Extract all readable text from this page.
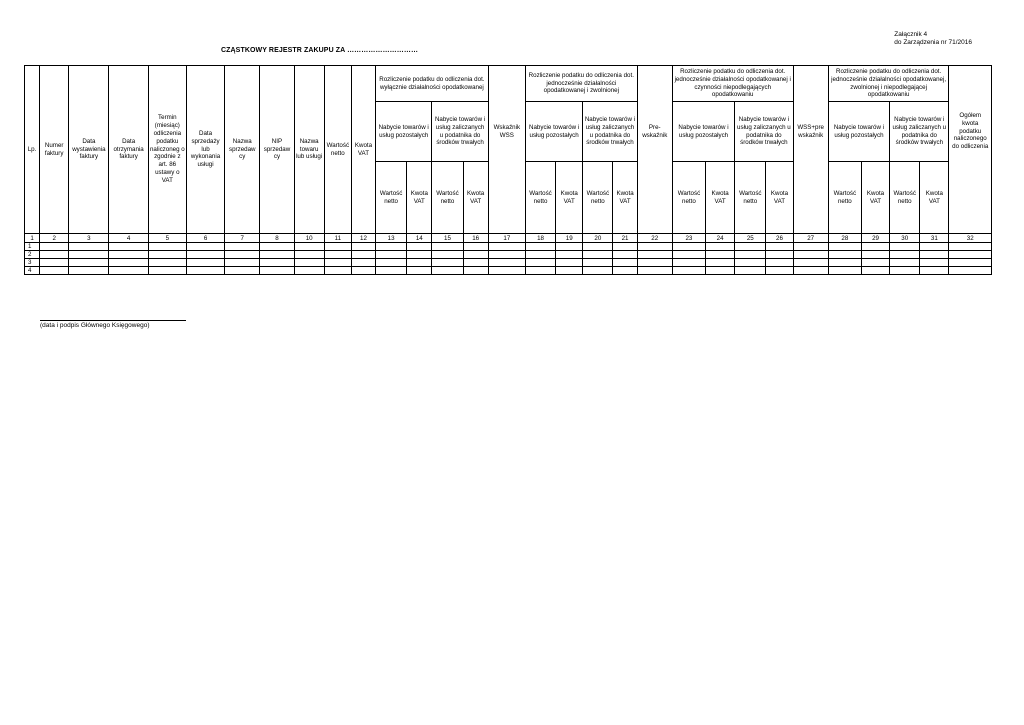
Załącznik 4
do Zarządzenia nr 71/2016
CZĄSTKOWY REJESTR ZAKUPU ZA …………………………
Lp.	Numer faktury	Data wystawienia faktury	Data otrzymania faktury	Termin (miesiąc) odliczenia podatku naliczoneg o zgodnie z art. 86 ustawy o VAT	Data sprzedaży lub wykonania usługi	Nazwa sprzedaw cy	NIP sprzedaw cy	Nazwa towaru lub usługi	Wartość netto	Kwota VAT	Rozliczenie podatku do odliczenia dot. wyłącznie działalności opodatkowanej					Rozliczenie podatku do odliczenia dot. jednocześnie działalności opodatkowanej i zwolnionej					Rozliczenie podatku do odliczenia dot. jednocześnie działalności opodatkowanej i czynności niepodlegających opodatkowaniu					Rozliczenie podatku do odliczenia dot. jednocześnie działalności opodatkowanej, zwolnionej i niepodlegającej opodatkowaniu				
											Nabycie towarów i usług pozostałych		Nabycie towarów i usług zaliczanych u podatnika do środków trwałych		Wskaźnik WSS	Nabycie towarów i usług pozostałych		Nabycie towarów i usług zaliczanych u podatnika do środków trwałych		Pre- wskaźnik	Nabycie towarów i usług pozostałych		Nabycie towarów i usług zaliczanych u podatnika do środków trwałych		WSS+pre wskaźnik	Nabycie towarów i usług pozostałych		Nabycie towarów i usług zaliczanych u podatnika do środków trwałych		Ogółem kwota podatku naliczonego do odliczenia
											Wartość netto	Kwota VAT	Wartość netto	Kwota VAT		Wartość netto	Kwota VAT	Wartość netto	Kwota VAT		Wartość netto	Kwota VAT	Wartość netto	Kwota VAT		Wartość netto	Kwota VAT	Wartość netto	Kwota VAT	
1	2	3	4	5	6	7	8	10	11	12	13	14	15	16	17	18	19	20	21	22	23	24	25	26	27	28	29	30	31	32
1																														
2																														
3																														
4																														
(data i podpis Głównego Księgowego)
